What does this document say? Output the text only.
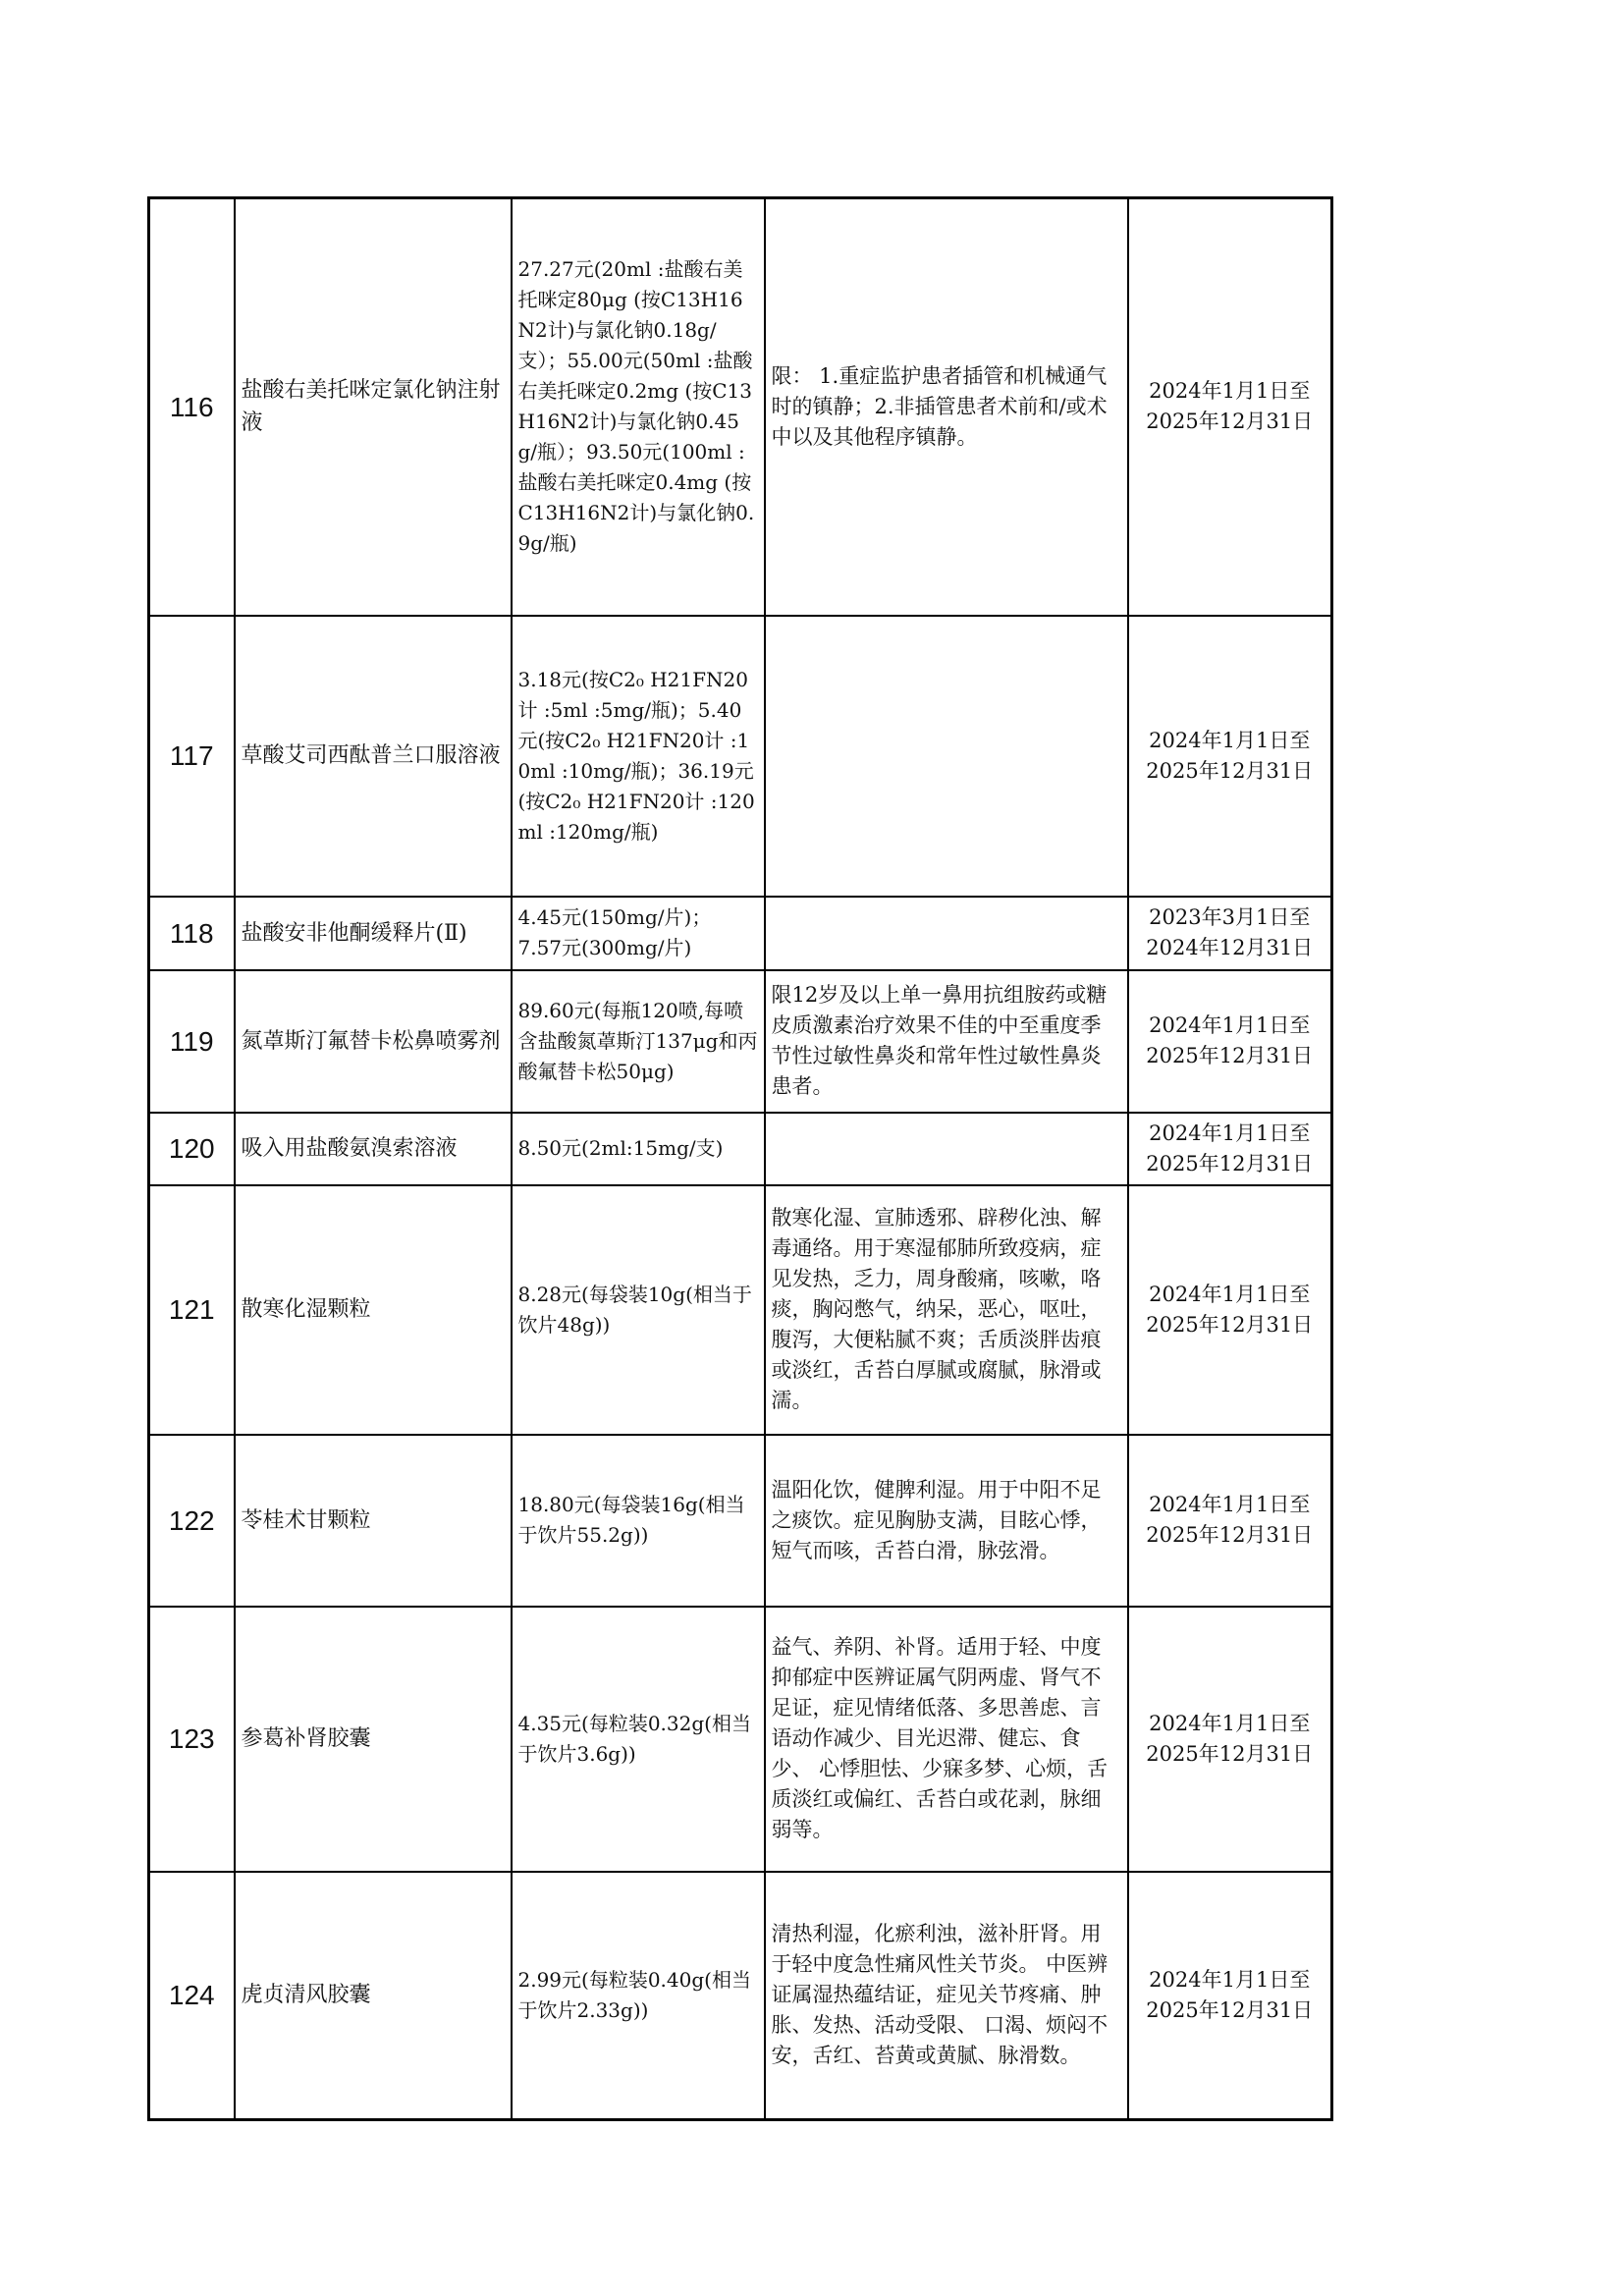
116	盐酸右美托咪定氯化钠注射液	27.27元(20ml :盐酸右美托咪定80μg (按C13H16N2计)与氯化钠0.18g/支）；55.00元(50ml :盐酸右美托咪定0.2mg (按C13H16N2计)与氯化钠0.45g/瓶）；93.50元(100ml :盐酸右美托咪定0.4mg (按C13H16N2计)与氯化钠0.9g/瓶)	限： 1.重症监护患者插管和机械通气时的镇静；2.非插管患者术前和/或术中以及其他程序镇静。	2024年1月1日至
2025年12月31日
117	草酸艾司西酞普兰口服溶液	3.18元(按C2₀ H21FN20计 :5ml :5mg/瓶)；5.40元(按C2₀ H21FN20计 :10ml :10mg/瓶)；36.19元(按C2₀ H21FN20计 :120ml :120mg/瓶)		2024年1月1日至
2025年12月31日
118	盐酸安非他酮缓释片(Ⅱ)	4.45元(150mg/片)；
7.57元(300mg/片)		2023年3月1日至
2024年12月31日
119	氮䓬斯汀氟替卡松鼻喷雾剂	89.60元(每瓶120喷,每喷含盐酸氮䓬斯汀137μg和丙酸氟替卡松50μg)	限12岁及以上单一鼻用抗组胺药或糖皮质激素治疗效果不佳的中至重度季节性过敏性鼻炎和常年性过敏性鼻炎患者。	2024年1月1日至
2025年12月31日
120	吸入用盐酸氨溴索溶液	8.50元(2ml:15mg/支)		2024年1月1日至
2025年12月31日
121	散寒化湿颗粒	8.28元(每袋装10g(相当于饮片48g))	散寒化湿、宣肺透邪、辟秽化浊、解毒通络。用于寒湿郁肺所致疫病，症见发热，乏力，周身酸痛，咳嗽，咯痰，胸闷憋气，纳呆，恶心，呕吐，腹泻，大便粘腻不爽；舌质淡胖齿痕或淡红，舌苔白厚腻或腐腻，脉滑或濡。	2024年1月1日至
2025年12月31日
122	苓桂术甘颗粒	18.80元(每袋装16g(相当于饮片55.2g))	温阳化饮，健脾利湿。用于中阳不足之痰饮。症见胸胁支满，目眩心悸，短气而咳，舌苔白滑，脉弦滑。	2024年1月1日至
2025年12月31日
123	参葛补肾胶囊	4.35元(每粒装0.32g(相当于饮片3.6g))	益气、养阴、补肾。适用于轻、中度抑郁症中医辨证属气阴两虚、肾气不足证，症见情绪低落、多思善虑、言语动作减少、目光迟滞、健忘、食少、 心悸胆怯、少寐多梦、心烦，舌质淡红或偏红、舌苔白或花剥，脉细弱等。	2024年1月1日至
2025年12月31日
124	虎贞清风胶囊	2.99元(每粒装0.40g(相当于饮片2.33g))	清热利湿，化瘀利浊，滋补肝肾。用于轻中度急性痛风性关节炎。 中医辨证属湿热蕴结证，症见关节疼痛、肿胀、发热、活动受限、 口渴、烦闷不安，舌红、苔黄或黄腻、脉滑数。	2024年1月1日至
2025年12月31日
